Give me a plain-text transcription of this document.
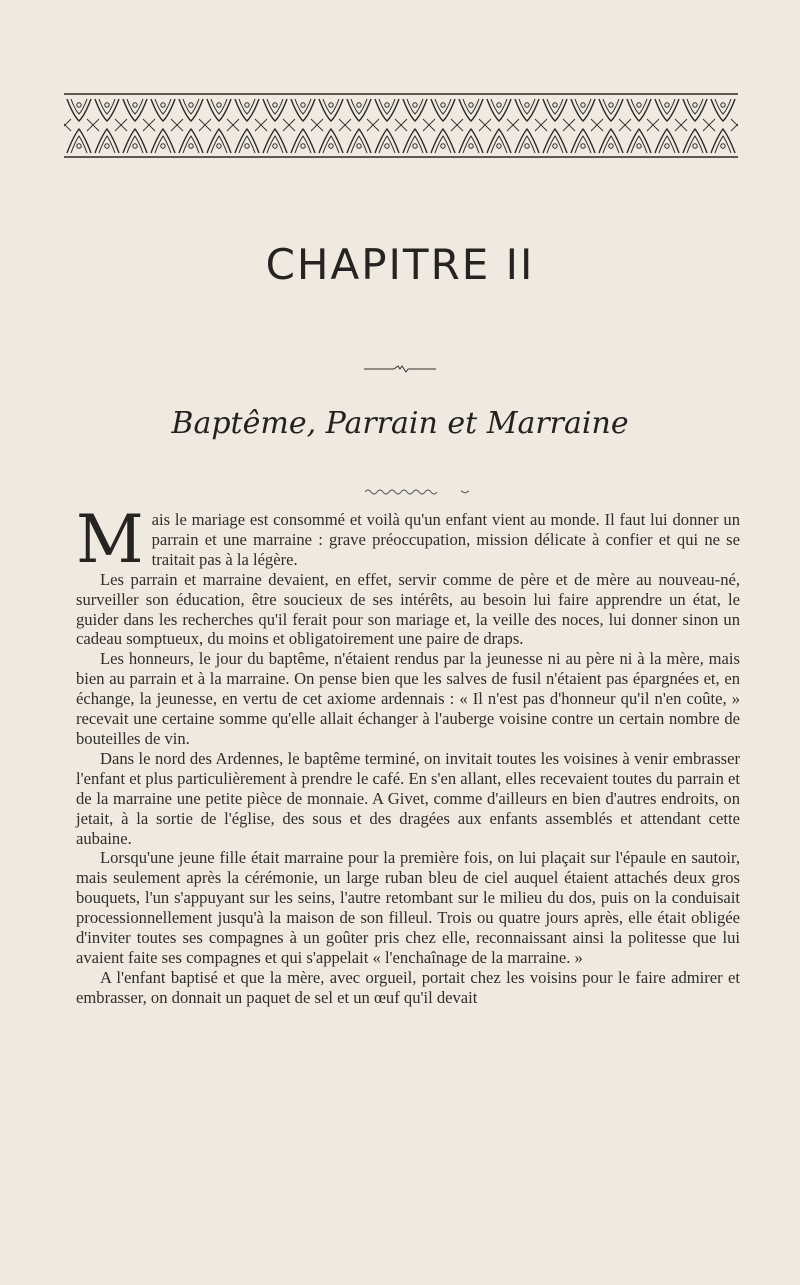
CHAPITRE II
Baptême, Parrain et Marraine

Mais le mariage est consommé et voilà qu'un enfant vient au monde. Il faut lui donner un parrain et une marraine : grave préoccupation, mission délicate à confier et qui ne se traitait pas à la légère.

Les parrain et marraine devaient, en effet, servir comme de père et de mère au nouveau-né, surveiller son éducation, être soucieux de ses intérêts, au besoin lui faire apprendre un état, le guider dans les recherches qu'il ferait pour son mariage et, la veille des noces, lui donner sinon un cadeau somptueux, du moins et obligatoirement une paire de draps.

Les honneurs, le jour du baptême, n'étaient rendus par la jeunesse ni au père ni à la mère, mais bien au parrain et à la marraine. On pense bien que les salves de fusil n'étaient pas épargnées et, en échange, la jeunesse, en vertu de cet axiome ardennais : « Il n'est pas d'honneur qu'il n'en coûte, » recevait une certaine somme qu'elle allait échanger à l'auberge voisine contre un certain nombre de bouteilles de vin.

Dans le nord des Ardennes, le baptême terminé, on invitait toutes les voisines à venir embrasser l'enfant et plus particulièrement à prendre le café. En s'en allant, elles recevaient toutes du parrain et de la marraine une petite pièce de monnaie. A Givet, comme d'ailleurs en bien d'autres endroits, on jetait, à la sortie de l'église, des sous et des dragées aux enfants assemblés et attendant cette aubaine.

Lorsqu'une jeune fille était marraine pour la première fois, on lui plaçait sur l'épaule en sautoir, mais seulement après la cérémonie, un large ruban bleu de ciel auquel étaient attachés deux gros bouquets, l'un s'appuyant sur les seins, l'autre retombant sur le milieu du dos, puis on la conduisait processionnellement jusqu'à la maison de son filleul. Trois ou quatre jours après, elle était obligée d'inviter toutes ses compagnes à un goûter pris chez elle, reconnaissant ainsi la politesse que lui avaient faite ses compagnes et qui s'appelait « l'enchaînage de la marraine. »

A l'enfant baptisé et que la mère, avec orgueil, portait chez les voisins pour le faire admirer et embrasser, on donnait un paquet de sel et un œuf qu'il devait
